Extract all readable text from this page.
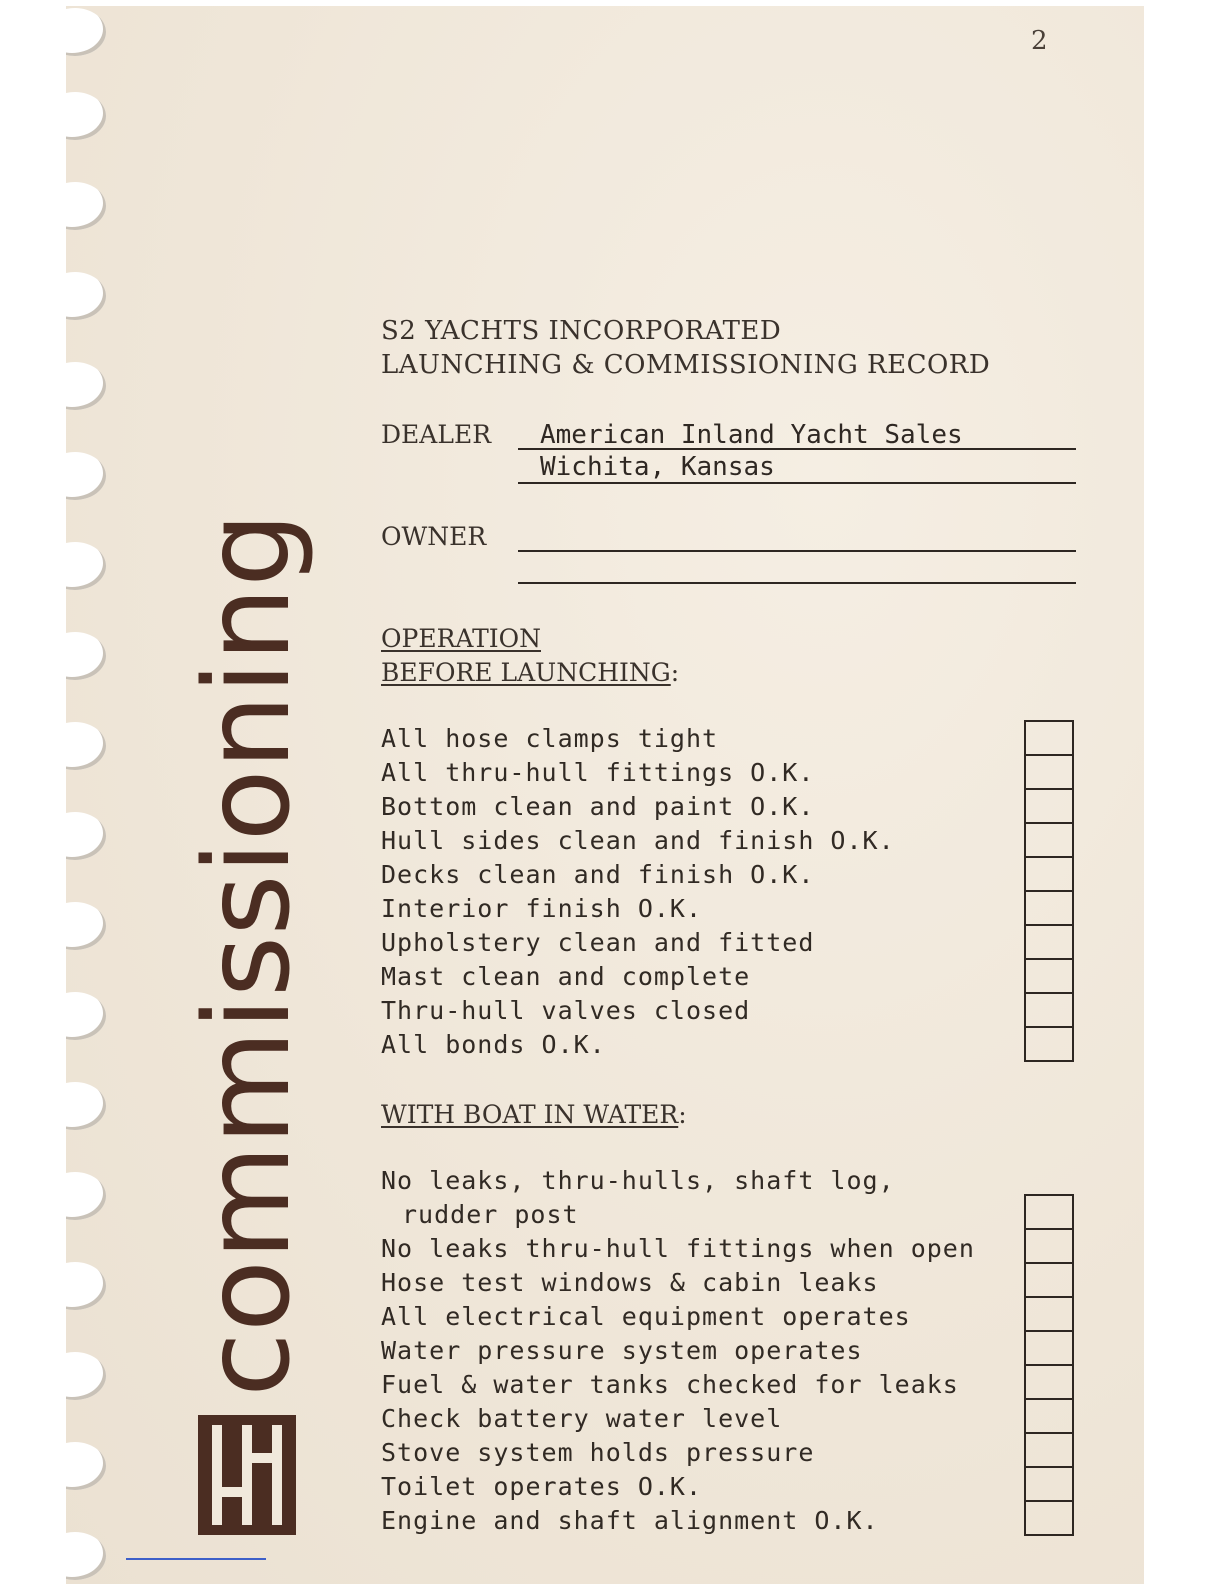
2
commissioning
S2 YACHTS INCORPORATED
LAUNCHING & COMMISSIONING RECORD
DEALER American Inland Yacht Sales
Wichita, Kansas
OWNER
OPERATION
BEFORE LAUNCHING:
All hose clamps tight
All thru-hull fittings O.K.
Bottom clean and paint O.K.
Hull sides clean and finish O.K.
Decks clean and finish O.K.
Interior finish O.K.
Upholstery clean and fitted
Mast clean and complete
Thru-hull valves closed
All bonds O.K.
WITH BOAT IN WATER:
No leaks, thru-hulls, shaft log,
rudder post
No leaks thru-hull fittings when open
Hose test windows & cabin leaks
All electrical equipment operates
Water pressure system operates
Fuel & water tanks checked for leaks
Check battery water level
Stove system holds pressure
Toilet operates O.K.
Engine and shaft alignment O.K.
